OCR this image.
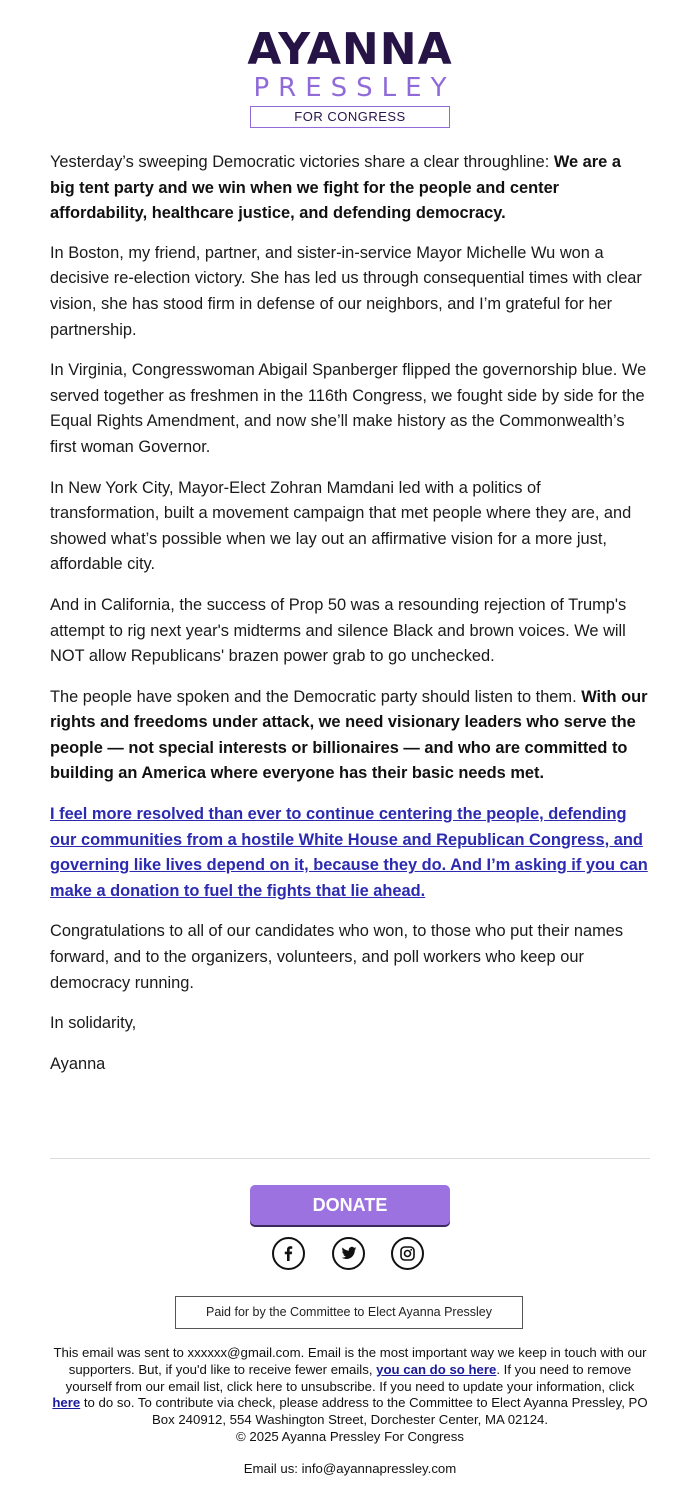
AYANNA
PRESSLEY
FOR CONGRESS

Yesterday’s sweeping Democratic victories share a clear throughline: We are a big tent party and we win when we fight for the people and center affordability, healthcare justice, and defending democracy.

In Boston, my friend, partner, and sister-in-service Mayor Michelle Wu won a decisive re-election victory. She has led us through consequential times with clear vision, she has stood firm in defense of our neighbors, and I’m grateful for her partnership.

In Virginia, Congresswoman Abigail Spanberger flipped the governorship blue. We served together as freshmen in the 116th Congress, we fought side by side for the Equal Rights Amendment, and now she’ll make history as the Commonwealth’s first woman Governor.

In New York City, Mayor-Elect Zohran Mamdani led with a politics of transformation, built a movement campaign that met people where they are, and showed what’s possible when we lay out an affirmative vision for a more just, affordable city.

And in California, the success of Prop 50 was a resounding rejection of Trump's attempt to rig next year's midterms and silence Black and brown voices. We will NOT allow Republicans' brazen power grab to go unchecked.

The people have spoken and the Democratic party should listen to them. With our rights and freedoms under attack, we need visionary leaders who serve the people — not special interests or billionaires — and who are committed to building an America where everyone has their basic needs met.

I feel more resolved than ever to continue centering the people, defending our communities from a hostile White House and Republican Congress, and governing like lives depend on it, because they do. And I’m asking if you can make a donation to fuel the fights that lie ahead.

Congratulations to all of our candidates who won, to those who put their names forward, and to the organizers, volunteers, and poll workers who keep our democracy running.

In solidarity,

Ayanna

DONATE
Paid for by the Committee to Elect Ayanna Pressley
This email was sent to xxxxxx@gmail.com. Email is the most important way we keep in touch with our supporters. But, if you'd like to receive fewer emails, you can do so here. If you need to remove yourself from our email list, click here to unsubscribe. If you need to update your information, click here to do so. To contribute via check, please address to the Committee to Elect Ayanna Pressley, PO Box 240912, 554 Washington Street, Dorchester Center, MA 02124.
© 2025 Ayanna Pressley For Congress
Email us: info@ayannapressley.com
